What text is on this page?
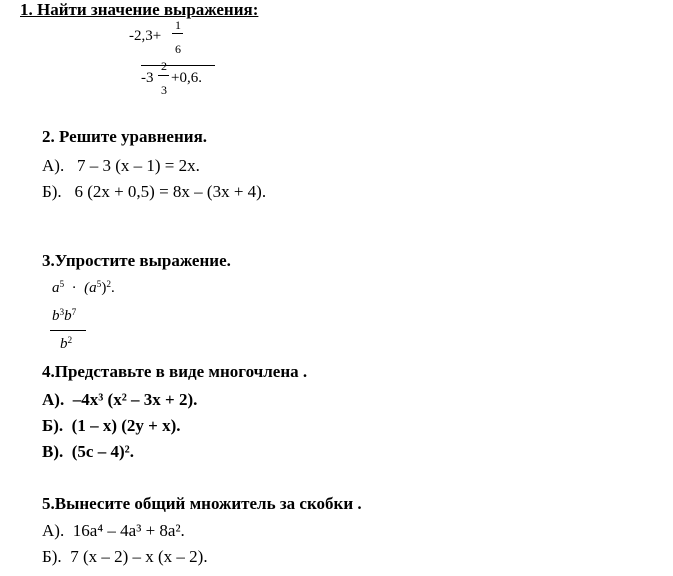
1. Найти значение выражения:
-2,3+
1
6
-3
2
3
+0,6.
2. Решите уравнения.
А). 7 – 3 (x – 1) = 2x.
Б). 6 (2x + 0,5) = 8x – (3x + 4).
3.Упростите выражение.
$a^5 \cdot (a^5)^2$.
$b^3b^7$
$b^2$
4.Представьте в виде многочлена .
А). –4x³ (x² – 3x + 2).
Б). (1 – x) (2y + x).
В). (5c – 4)².
5.Вынесите общий множитель за скобки .
А). 16a⁴ – 4a³ + 8a².
Б). 7 (x – 2) – x (x – 2).
